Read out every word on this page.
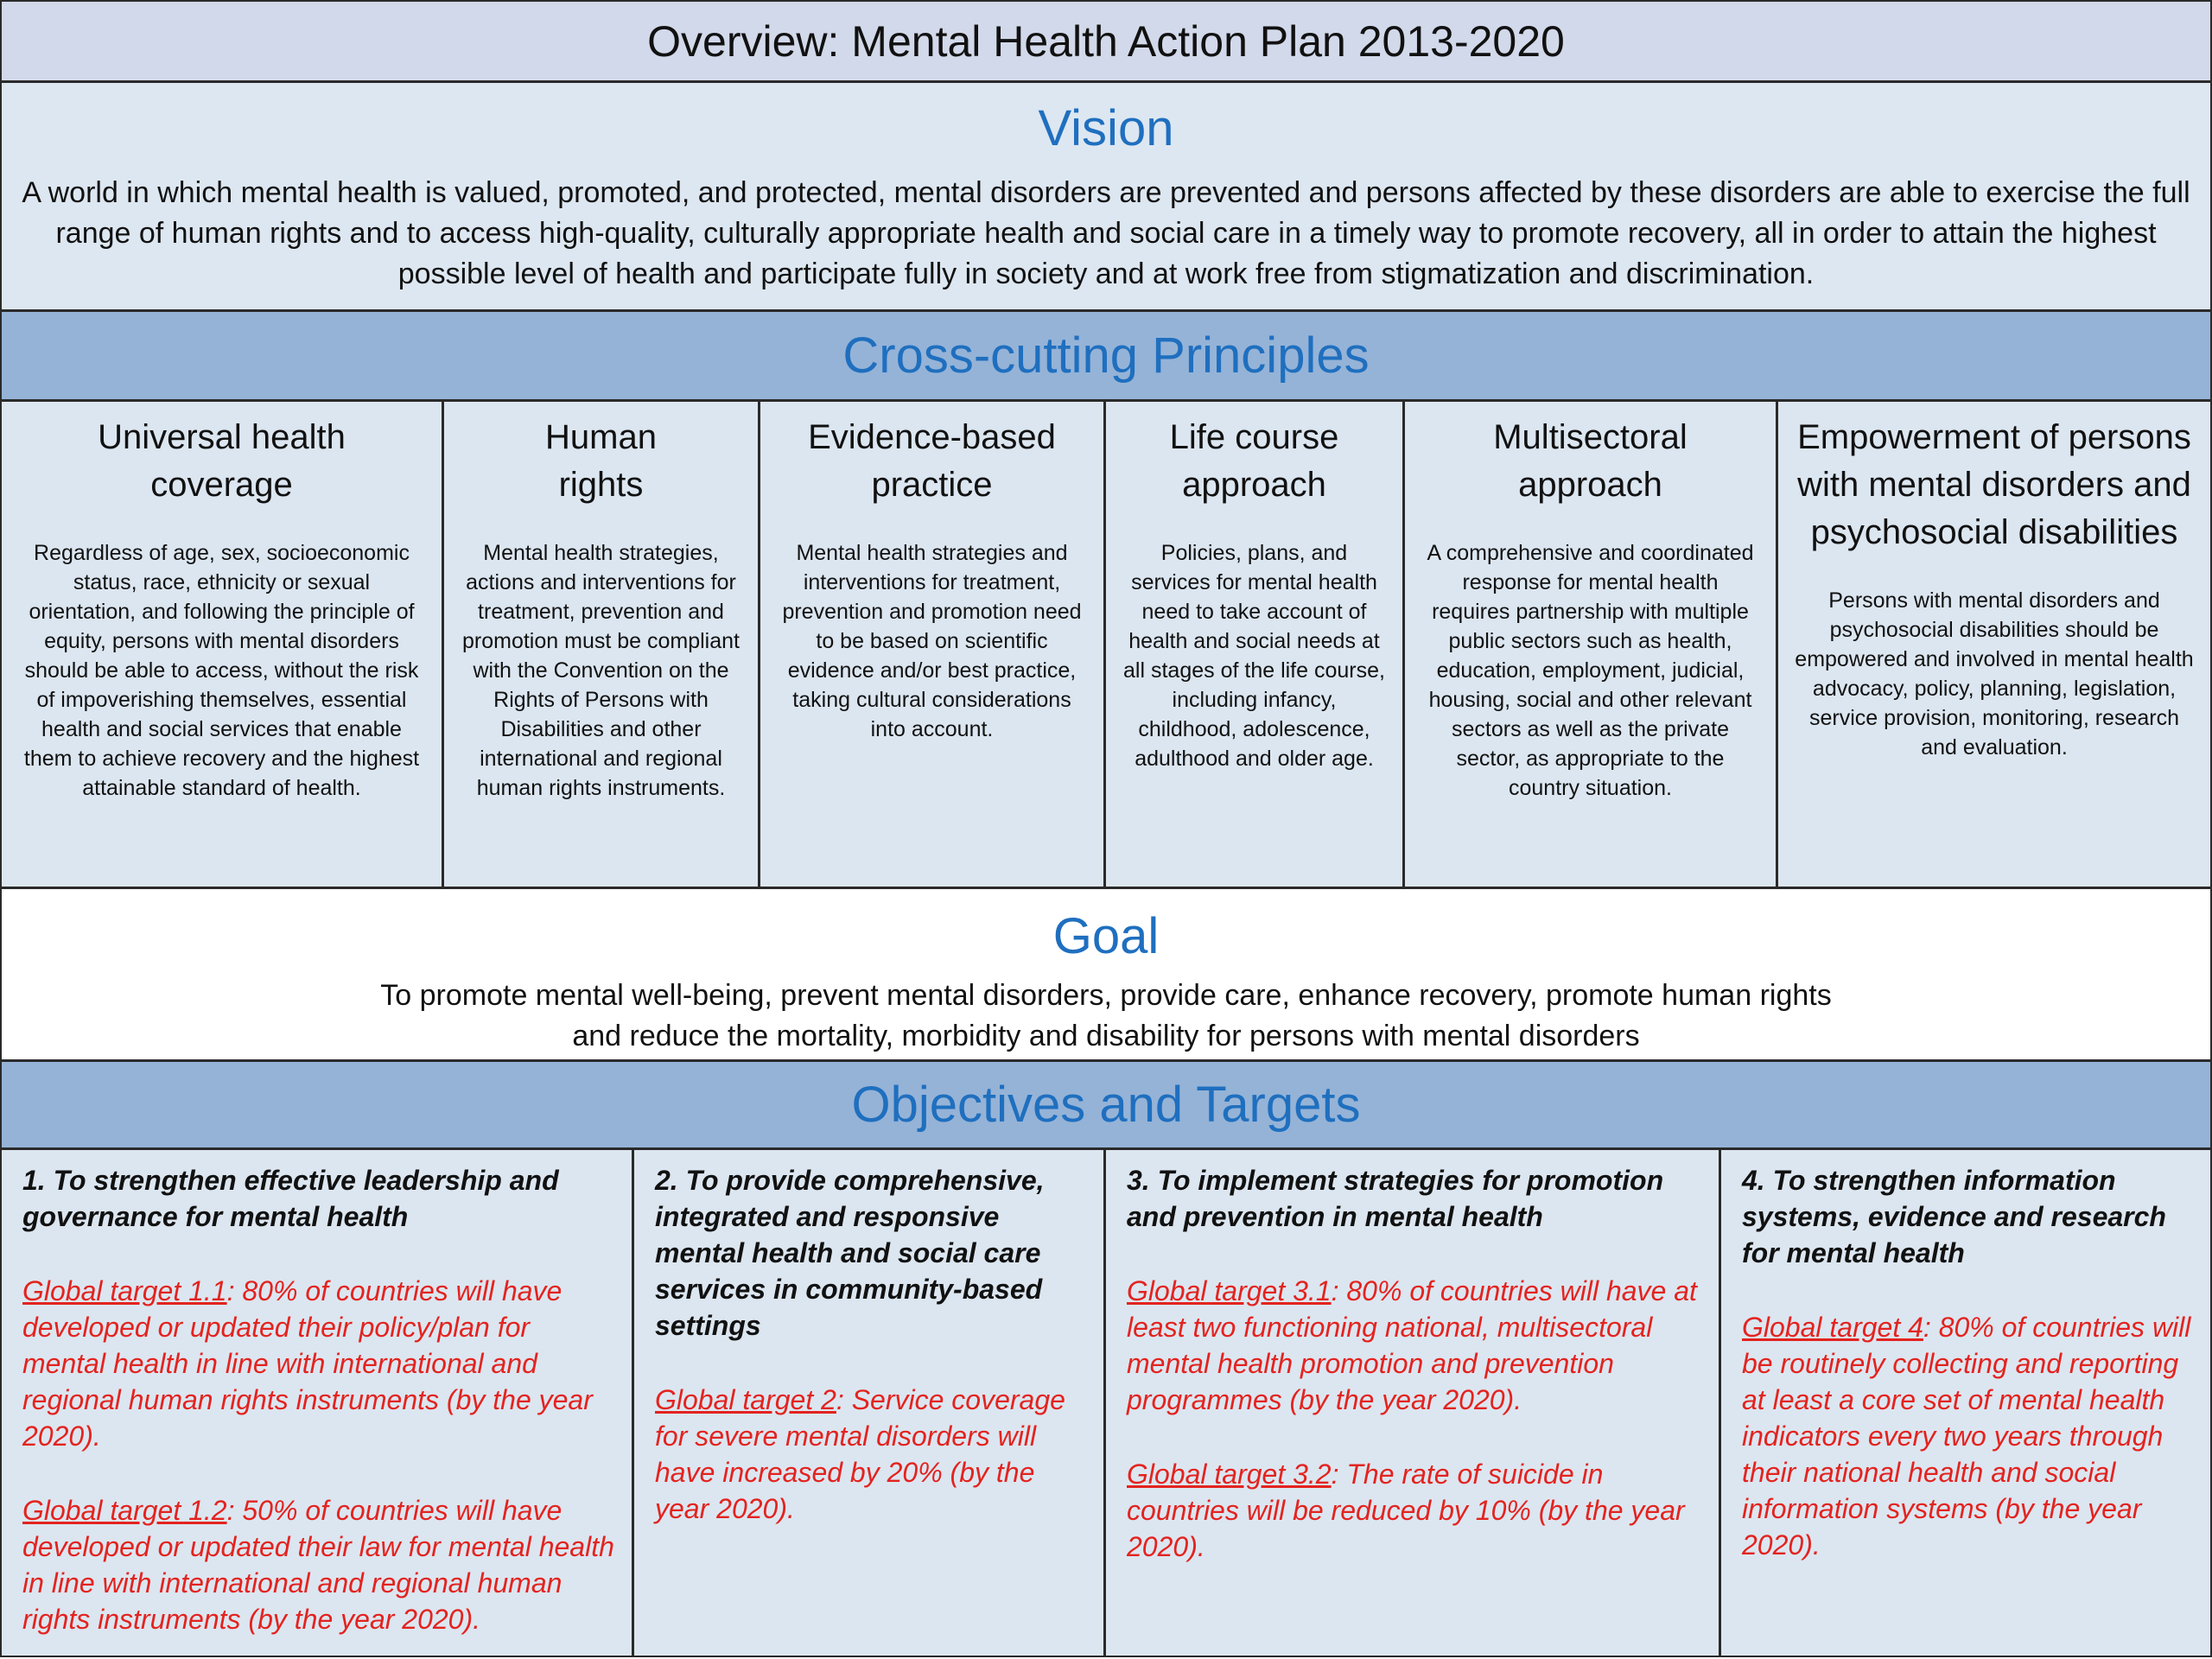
Overview: Mental Health Action Plan 2013-2020
Vision
A world in which mental health is valued, promoted, and protected, mental disorders are prevented and persons affected by these disorders are able to exercise the full range of human rights and to access high-quality, culturally appropriate health and social care in a timely way to promote recovery, all in order to attain the highest possible level of health and participate fully in society and at work free from stigmatization and discrimination.
Cross-cutting Principles
Universal health coverage
Regardless of age, sex, socioeconomic status, race, ethnicity or sexual orientation, and following the principle of equity, persons with mental disorders should be able to access, without the risk of impoverishing themselves, essential health and social services that enable them to achieve recovery and the highest attainable standard of health.
Human rights
Mental health strategies, actions and interventions for treatment, prevention and promotion must be compliant with the Convention on the Rights of Persons with Disabilities and other international and regional human rights instruments.
Evidence-based practice
Mental health strategies and interventions for treatment, prevention and promotion need to be based on scientific evidence and/or best practice, taking cultural considerations into account.
Life course approach
Policies, plans, and services for mental health need to take account of health and social needs at all stages of the life course, including infancy, childhood, adolescence, adulthood and older age.
Multisectoral approach
A comprehensive and coordinated response for mental health requires partnership with multiple public sectors such as health, education, employment, judicial, housing, social and other relevant sectors as well as the private sector, as appropriate to the country situation.
Empowerment of persons with mental disorders and psychosocial disabilities
Persons with mental disorders and psychosocial disabilities should be empowered and involved in mental health advocacy, policy, planning, legislation, service provision, monitoring, research and evaluation.
Goal
To promote mental well-being, prevent mental disorders, provide care, enhance recovery, promote human rights
and reduce the mortality, morbidity and disability for persons with mental disorders
Objectives and Targets
1. To strengthen effective leadership and governance for mental health
Global target 1.1: 80% of countries will have developed or updated their policy/plan for mental health in line with international and regional human rights instruments (by the year 2020).
Global target 1.2: 50% of countries will have developed or updated their law for mental health in line with international and regional human rights instruments (by the year 2020).
2. To provide comprehensive, integrated and responsive mental health and social care services in community-based settings
Global target 2: Service coverage for severe mental disorders will have increased by 20% (by the year 2020).
3. To implement strategies for promotion and prevention in mental health
Global target 3.1: 80% of countries will have at least two functioning national, multisectoral mental health promotion and prevention programmes (by the year 2020).
Global target 3.2: The rate of suicide in countries will be reduced by 10% (by the year 2020).
4. To strengthen information systems, evidence and research for mental health
Global target 4: 80% of countries will be routinely collecting and reporting at least a core set of mental health indicators every two years through their national health and social information systems (by the year 2020).
